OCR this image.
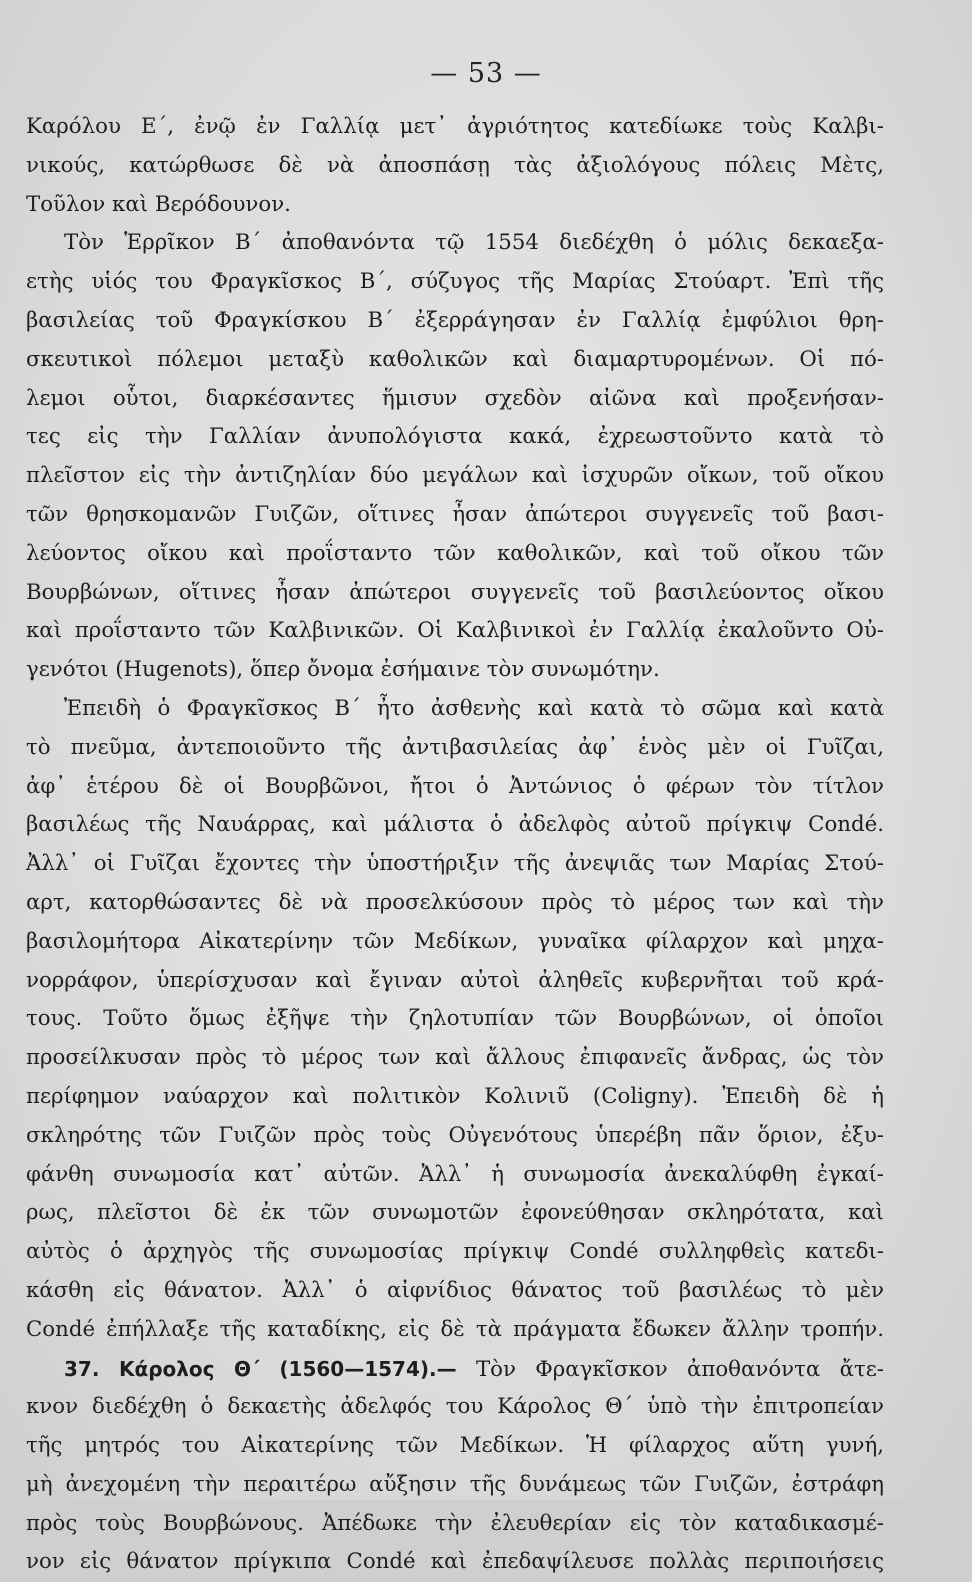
— 53 —
Καρόλου Ε΄, ἐνῷ ἐν Γαλλίᾳ μετ᾿ ἀγριότητος κατεδίωκε τοὺς Καλβι-
νικούς, κατώρθωσε δὲ νὰ ἀποσπάσῃ τὰς ἀξιολόγους πόλεις Μὲτς,
Τοῦλον καὶ Βερόδουνον.
Τὸν Ἑρρῖκον Β΄ ἀποθανόντα τῷ 1554 διεδέχθη ὁ μόλις δεκαεξα-
ετὴς υἱός του Φραγκῖσκος Β΄, σύζυγος τῆς Μαρίας Στούαρτ. Ἐπὶ τῆς
βασιλείας τοῦ Φραγκίσκου Β΄ ἐξερράγησαν ἐν Γαλλίᾳ ἐμφύλιοι θρη-
σκευτικοὶ πόλεμοι μεταξὺ καθολικῶν καὶ διαμαρτυρομένων. Οἱ πό-
λεμοι οὗτοι, διαρκέσαντες ἥμισυν σχεδὸν αἰῶνα καὶ προξενήσαν-
τες εἰς τὴν Γαλλίαν ἀνυπολόγιστα κακά, ἐχρεωστοῦντο κατὰ τὸ
πλεῖστον εἰς τὴν ἀντιζηλίαν δύο μεγάλων καὶ ἰσχυρῶν οἴκων, τοῦ οἴκου
τῶν θρησκομανῶν Γυιζῶν, οἵτινες ἦσαν ἀπώτεροι συγγενεῖς τοῦ βασι-
λεύοντος οἴκου καὶ προΐσταντο τῶν καθολικῶν, καὶ τοῦ οἴκου τῶν
Βουρβώνων, οἵτινες ἦσαν ἀπώτεροι συγγενεῖς τοῦ βασιλεύοντος οἴκου
καὶ προΐσταντο τῶν Καλβινικῶν. Οἱ Καλβινικοὶ ἐν Γαλλίᾳ ἐκαλοῦντο Οὐ-
γενότοι (Hugenots), ὅπερ ὄνομα ἐσήμαινε τὸν συνωμότην.
Ἐπειδὴ ὁ Φραγκῖσκος Β΄ ἦτο ἀσθενὴς καὶ κατὰ τὸ σῶμα καὶ κατὰ
τὸ πνεῦμα, ἀντεποιοῦντο τῆς ἀντιβασιλείας ἀφ᾿ ἑνὸς μὲν οἱ Γυῖζαι,
ἀφ᾿ ἑτέρου δὲ οἱ Βουρβῶνοι, ἤτοι ὁ Ἀντώνιος ὁ φέρων τὸν τίτλον
βασιλέως τῆς Ναυάρρας, καὶ μάλιστα ὁ ἀδελφὸς αὐτοῦ πρίγκιψ Condé.
Ἀλλ᾿ οἱ Γυῖζαι ἔχοντες τὴν ὑποστήριξιν τῆς ἀνεψιᾶς των Μαρίας Στού-
αρτ, κατορθώσαντες δὲ νὰ προσελκύσουν πρὸς τὸ μέρος των καὶ τὴν
βασιλομήτορα Αἰκατερίνην τῶν Μεδίκων, γυναῖκα φίλαρχον καὶ μηχα-
νορράφον, ὑπερίσχυσαν καὶ ἔγιναν αὐτοὶ ἀληθεῖς κυβερνῆται τοῦ κρά-
τους. Τοῦτο ὅμως ἐξῆψε τὴν ζηλοτυπίαν τῶν Βουρβώνων, οἱ ὁποῖοι
προσείλκυσαν πρὸς τὸ μέρος των καὶ ἄλλους ἐπιφανεῖς ἄνδρας, ὡς τὸν
περίφημον ναύαρχον καὶ πολιτικὸν Κολινιῦ (Coligny). Ἐπειδὴ δὲ ἡ
σκληρότης τῶν Γυιζῶν πρὸς τοὺς Οὐγενότους ὑπερέβη πᾶν ὅριον, ἐξυ-
φάνθη συνωμοσία κατ᾿ αὐτῶν. Ἀλλ᾿ ἡ συνωμοσία ἀνεκαλύφθη ἐγκαί-
ρως, πλεῖστοι δὲ ἐκ τῶν συνωμοτῶν ἐφονεύθησαν σκληρότατα, καὶ
αὐτὸς ὁ ἀρχηγὸς τῆς συνωμοσίας πρίγκιψ Condé συλληφθεὶς κατεδι-
κάσθη εἰς θάνατον. Ἀλλ᾿ ὁ αἰφνίδιος θάνατος τοῦ βασιλέως τὸ μὲν
Condé ἐπήλλαξε τῆς καταδίκης, εἰς δὲ τὰ πράγματα ἔδωκεν ἄλλην τροπήν.
37. Κάρολος Θ΄ (1560—1574).— Τὸν Φραγκῖσκον ἀποθανόντα ἄτε-
κνον διεδέχθη ὁ δεκαετὴς ἀδελφός του Κάρολος Θ΄ ὑπὸ τὴν ἐπιτροπείαν
τῆς μητρός του Αἰκατερίνης τῶν Μεδίκων. Ἡ φίλαρχος αὕτη γυνή,
μὴ ἀνεχομένη τὴν περαιτέρω αὔξησιν τῆς δυνάμεως τῶν Γυιζῶν, ἐστράφη
πρὸς τοὺς Βουρβώνους. Ἀπέδωκε τὴν ἐλευθερίαν εἰς τὸν καταδικασμέ-
νον εἰς θάνατον πρίγκιπα Condé καὶ ἐπεδαψίλευσε πολλὰς περιποιήσεις
